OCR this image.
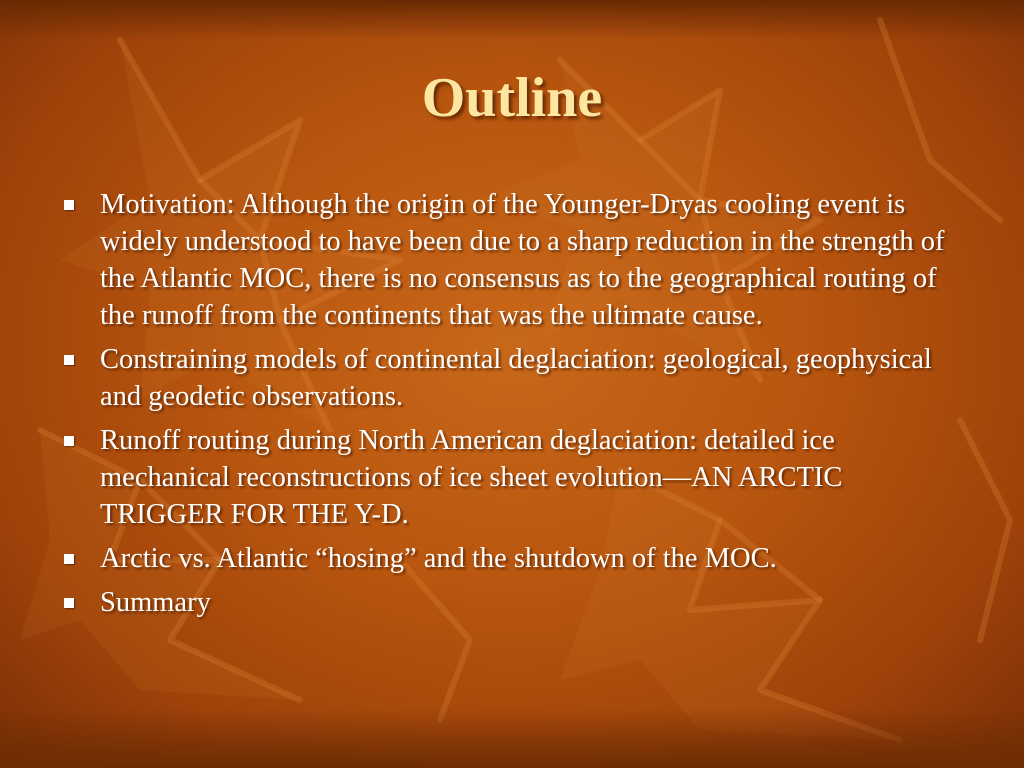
Outline
Motivation: Although the origin of the Younger-Dryas cooling event is widely understood to have been due to a sharp reduction in the strength of the Atlantic MOC, there is no consensus as to the geographical routing of the runoff from the continents that was the ultimate cause.
Constraining models of continental deglaciation: geological, geophysical and geodetic observations.
Runoff routing during North American deglaciation: detailed ice mechanical reconstructions of ice sheet evolution—AN ARCTIC TRIGGER FOR THE Y-D.
Arctic vs. Atlantic “hosing” and the shutdown of the MOC.
Summary
